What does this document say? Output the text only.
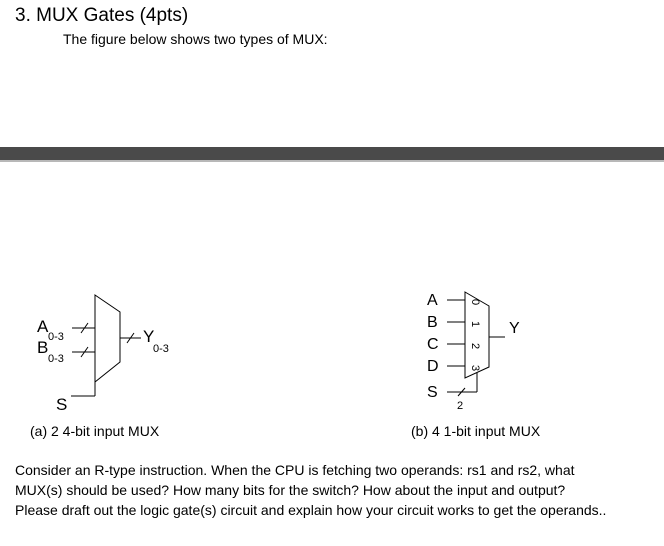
3. MUX Gates (4pts)
The figure below shows two types of MUX:
A
0-3
B
0-3
Y
0-3
S
A
B
C
D
S
0
1
2
3
2
Y
(a) 2 4-bit input MUX	(b) 4 1-bit input MUX
Consider an R-type instruction. When the CPU is fetching two operands: rs1 and rs2, what
MUX(s) should be used? How many bits for the switch? How about the input and output?
Please draft out the logic gate(s) circuit and explain how your circuit works to get the operands..
